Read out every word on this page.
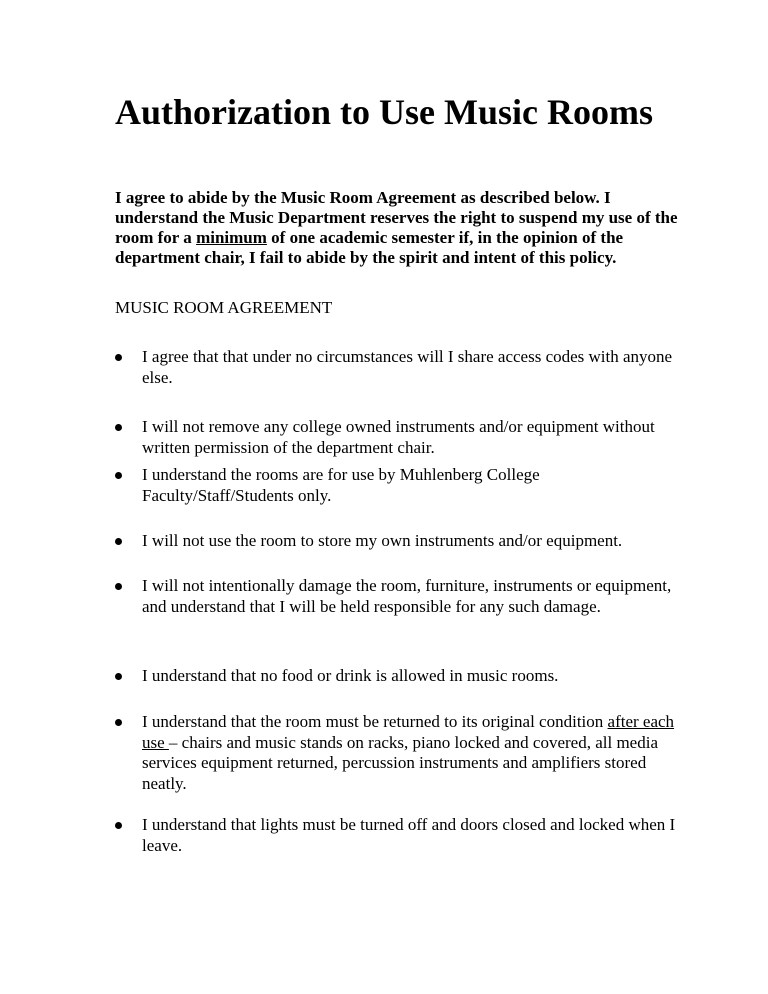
Authorization to Use Music Rooms

I agree to abide by the Music Room Agreement as described below. I understand the Music Department reserves the right to suspend my use of the room for a minimum of one academic semester if, in the opinion of the department chair, I fail to abide by the spirit and intent of this policy.

MUSIC ROOM AGREEMENT

I agree that that under no circumstances will I share access codes with anyone else.
I will not remove any college owned instruments and/or equipment without written permission of the department chair.
I understand the rooms are for use by Muhlenberg College Faculty/Staff/Students only.
I will not use the room to store my own instruments and/or equipment.
I will not intentionally damage the room, furniture, instruments or equipment, and understand that I will be held responsible for any such damage.
I understand that no food or drink is allowed in music rooms.
I understand that the room must be returned to its original condition after each use – chairs and music stands on racks, piano locked and covered, all media services equipment returned, percussion instruments and amplifiers stored neatly.
I understand that lights must be turned off and doors closed and locked when I leave.
